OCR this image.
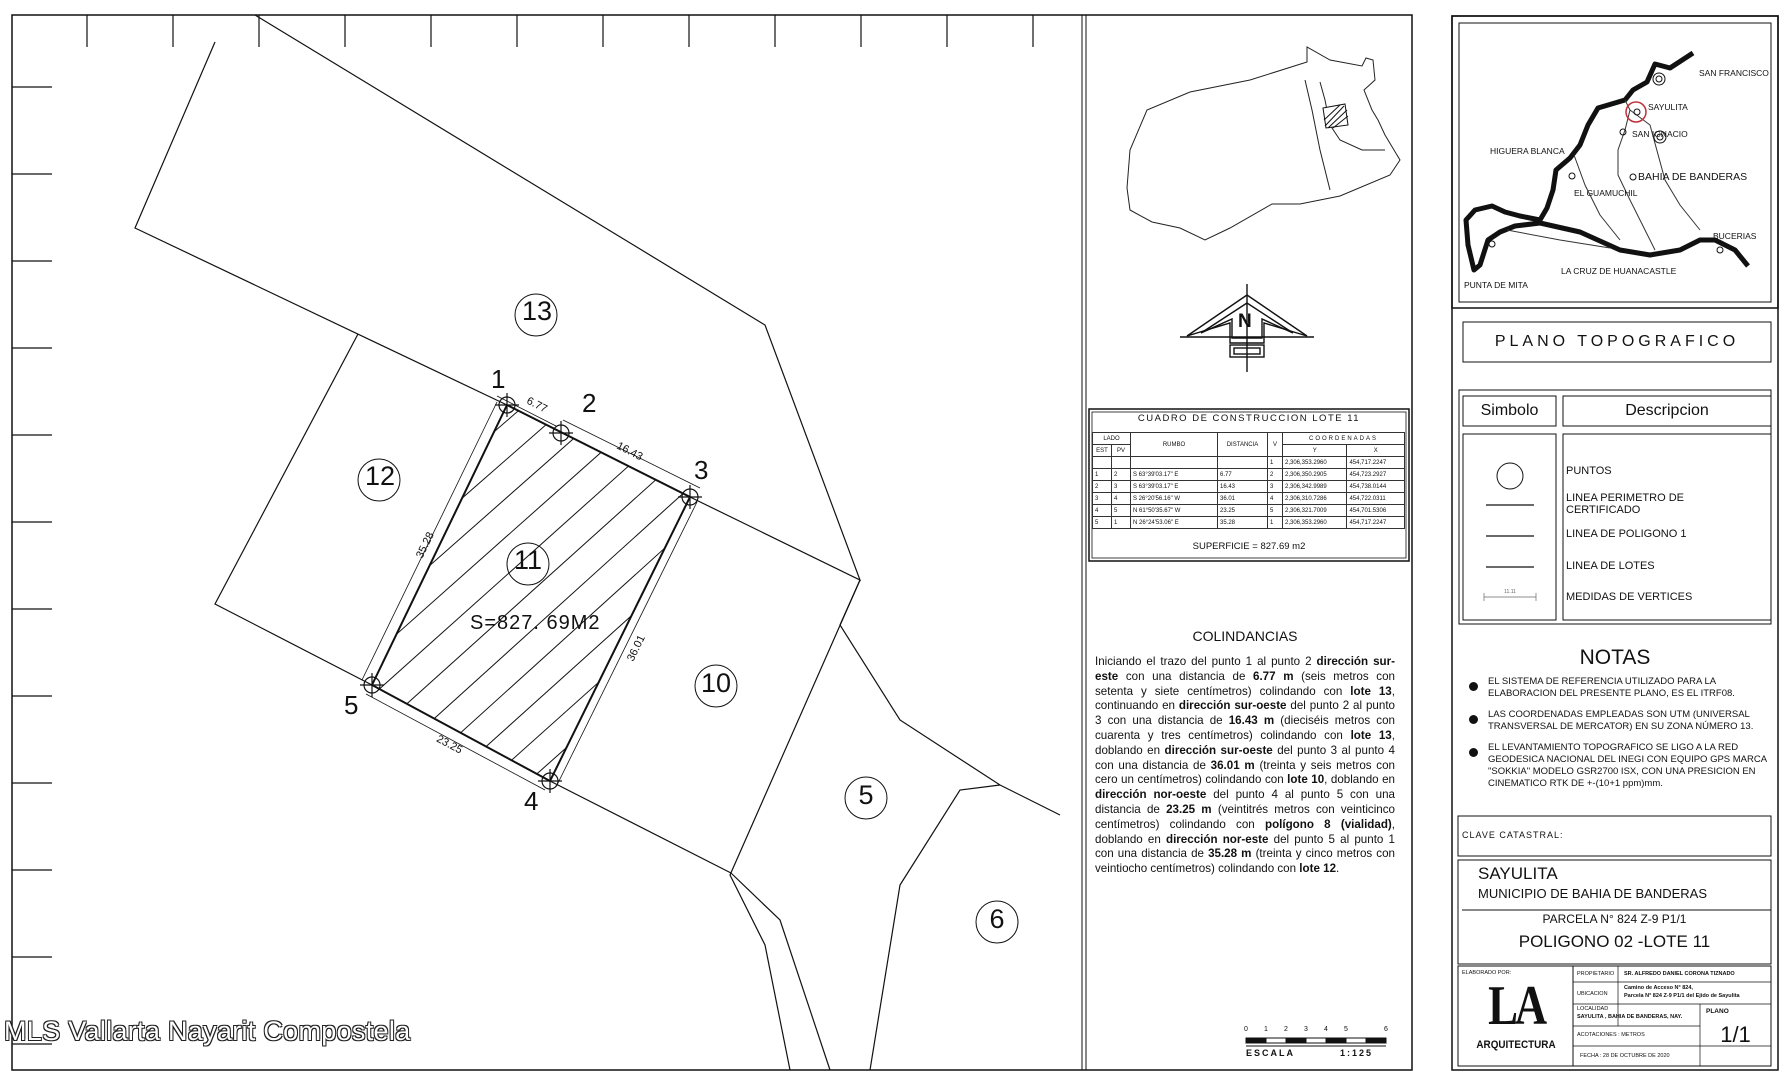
13
12
11
10
5
6
S=827. 69M2
1
2
3
4
5
6.77
16.43
36.01
23.25
35.28
N
CUADRO DE CONSTRUCCION LOTE 11
LADO		RUMBO	DISTANCIA	V	COORDENADAS	
EST	PV				Y	X
				1	2,306,353.2960	454,717.2247
1	2	S 63°39'03.17" E	6.77	2	2,306,350.2905	454,723.2927
2	3	S 63°39'03.17" E	16.43	3	2,306,342.9989	454,738.0144
3	4	S 26°20'56.16" W	36.01	4	2,306,310.7286	454,722.0311
4	5	N 61°50'35.67" W	23.25	5	2,306,321.7009	454,701.5306
5	1	N 26°24'53.06" E	35.28	1	2,306,353.2960	454,717.2247
SUPERFICIE = 827.69 m2
COLINDANCIAS
Iniciando el trazo del punto 1 al punto 2 dirección sur-este con una distancia de 6.77 m (seis metros con setenta y siete centímetros) colindando con lote 13, continuando en dirección sur-oeste del punto 2 al punto 3 con una distancia de 16.43 m (dieciséis metros con cuarenta y tres centímetros) colindando con lote 13, doblando en dirección sur-oeste del punto 3 al punto 4 con una distancia de 36.01 m (treinta y seis metros con cero un centímetros) colindando con lote 10, doblando en dirección nor-oeste del punto 4 al punto 5 con una distancia de 23.25 m (veintitrés metros con veinticinco centímetros) colindando con polígono 8 (vialidad), doblando en dirección nor-este del punto 5 al punto 1 con una distancia de 35.28 m (treinta y cinco metros con veintiocho centímetros) colindando con lote 12.
0 1 2 3 4 5	6
ESCALA	1:125
SAN FRANCISCO
SAYULITA
SAN IGNACIO
HIGUERA BLANCA
BAHIA DE BANDERAS
EL GUAMUCHIL
BUCERIAS
PUNTA DE MITA
LA CRUZ DE HUANACASTLE
PLANO TOPOGRAFICO
Simbolo	Descripcion
PUNTOS
LINEA PERIMETRO DE CERTIFICADO
LINEA DE POLIGONO 1
LINEA DE LOTES
MEDIDAS DE VERTICES
11.11
NOTAS
EL SISTEMA DE REFERENCIA UTILIZADO PARA LA ELABORACION DEL PRESENTE PLANO, ES EL ITRF08.
LAS COORDENADAS EMPLEADAS SON UTM (UNIVERSAL TRANSVERSAL DE MERCATOR) EN SU ZONA NÚMERO 13.
EL LEVANTAMIENTO TOPOGRAFICO SE LIGO A LA RED GEODESICA NACIONAL DEL INEGI CON EQUIPO GPS MARCA "SOKKIA" MODELO GSR2700 ISX, CON UNA PRESICION EN CINEMATICO RTK DE +-(10+1 ppm)mm.
CLAVE CATASTRAL:
SAYULITA
MUNICIPIO DE BAHIA DE BANDERAS
PARCELA N° 824 Z-9 P1/1
POLIGONO 02 -LOTE 11
ELABORADO POR:
LA
ARQUITECTURA
PROPIETARIO SR. ALFREDO DANIEL CORONA TIZNADO
UBICACION
Camino de Acceso N° 824,
Parcela N° 824 Z-9 P1/1 del Ejido de Sayulita
LOCALIDAD
SAYULITA , BAHIA DE BANDERAS, NAY.
ACOTACIONES : METROS
FECHA : 28 DE OCTUBRE DE 2020
PLANO
1/1
MLS Vallarta Nayarit Compostela
